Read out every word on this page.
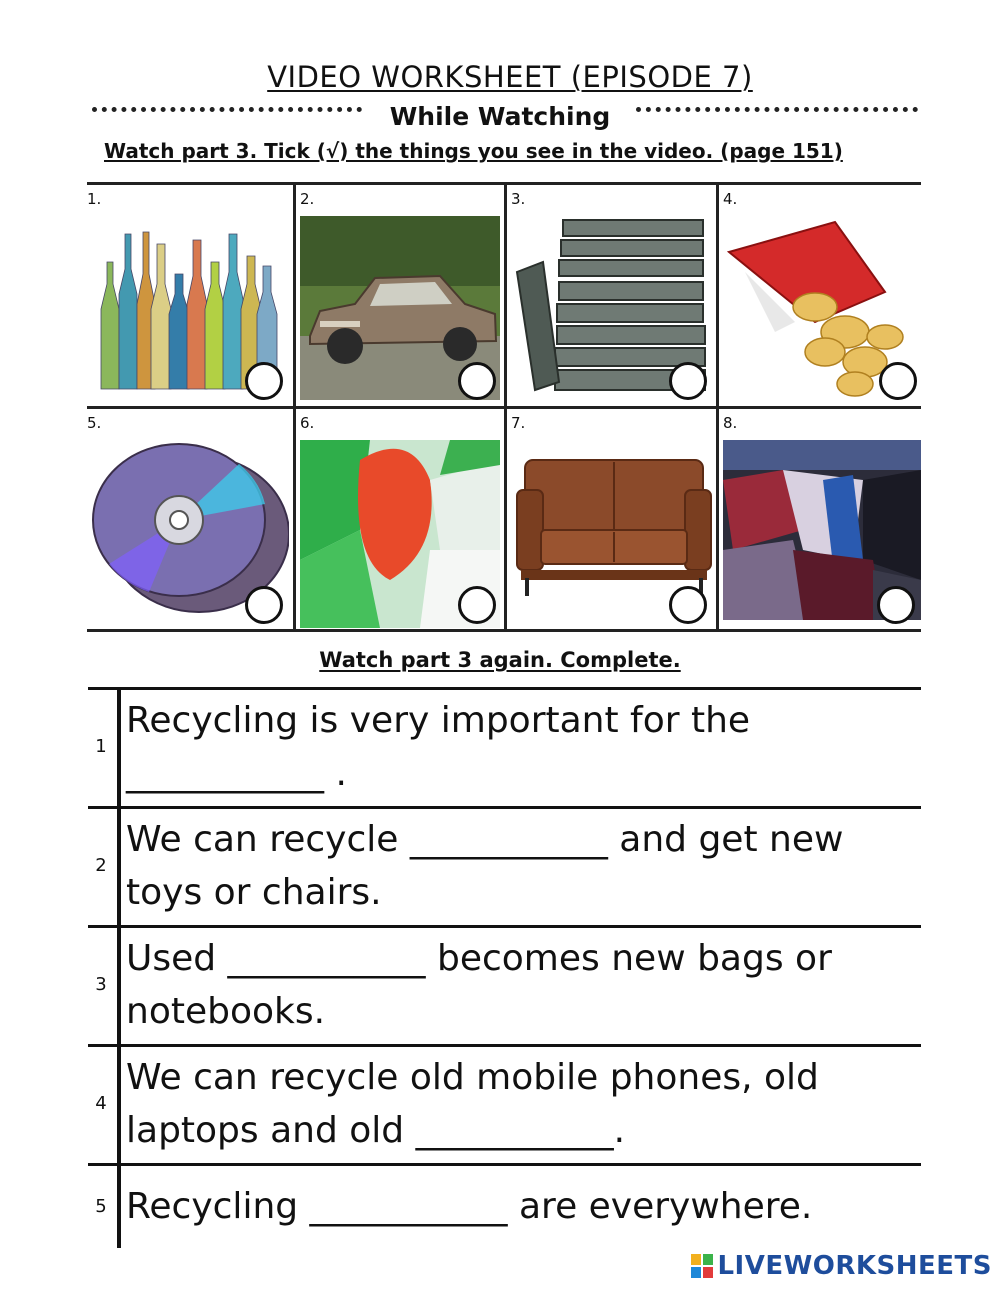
VIDEO WORKSHEET (EPISODE 7)
While Watching
Watch part 3. Tick (√) the things you see in the video. (page 151)
1.	2.	3.	4.
5.	6.	7.	8.
Watch part 3 again. Complete.
1
Recycling is very important for the
___________ .
2
We can recycle ___________ and get new
toys or chairs.
3
Used ___________ becomes new bags or
notebooks.
4
We can recycle old mobile phones, old
laptops and old ___________.
5 Recycling ___________ are everywhere.
LIVEWORKSHEETS
